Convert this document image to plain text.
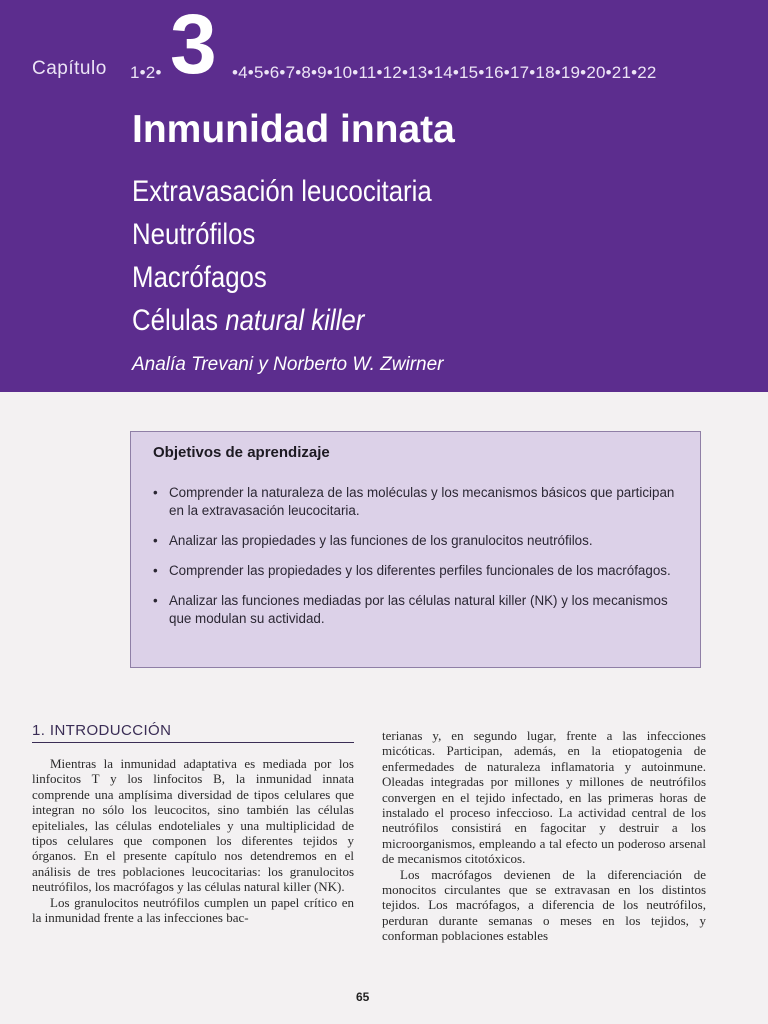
Capítulo 1•2• 3 •4•5•6•7•8•9•10•11•12•13•14•15•16•17•18•19•20•21•22
Inmunidad innata
Extravasación leucocitaria
Neutrófilos
Macrófagos
Células natural killer
Analía Trevani y Norberto W. Zwirner
Objetivos de aprendizaje
• Comprender la naturaleza de las moléculas y los mecanismos básicos que participan en la extravasación leucocitaria.
• Analizar las propiedades y las funciones de los granulocitos neutrófilos.
• Comprender las propiedades y los diferentes perfiles funcionales de los macrófagos.
• Analizar las funciones mediadas por las células natural killer (NK) y los mecanismos que modulan su actividad.
1. INTRODUCCIÓN

Mientras la inmunidad adaptativa es mediada por los linfocitos T y los linfocitos B, la inmunidad innata comprende una amplísima diversidad de tipos celulares que integran no sólo los leucocitos, sino también las células epiteliales, las células endoteliales y una multiplicidad de tipos celulares que componen los diferentes tejidos y órganos. En el presente capítulo nos detendremos en el análisis de tres poblaciones leucocitarias: los granulocitos neutrófilos, los macrófagos y las células natural killer (NK).

Los granulocitos neutrófilos cumplen un papel crítico en la inmunidad frente a las infecciones bac-

terianas y, en segundo lugar, frente a las infecciones micóticas. Participan, además, en la etiopatogenia de enfermedades de naturaleza inflamatoria y autoinmune. Oleadas integradas por millones y millones de neutrófilos convergen en el tejido infectado, en las primeras horas de instalado el proceso infeccioso. La actividad central de los neutrófilos consistirá en fagocitar y destruir a los microorganismos, empleando a tal efecto un poderoso arsenal de mecanismos citotóxicos.

Los macrófagos devienen de la diferenciación de monocitos circulantes que se extravasan en los distintos tejidos. Los macrófagos, a diferencia de los neutrófilos, perduran durante semanas o meses en los tejidos, y conforman poblaciones estables

65
